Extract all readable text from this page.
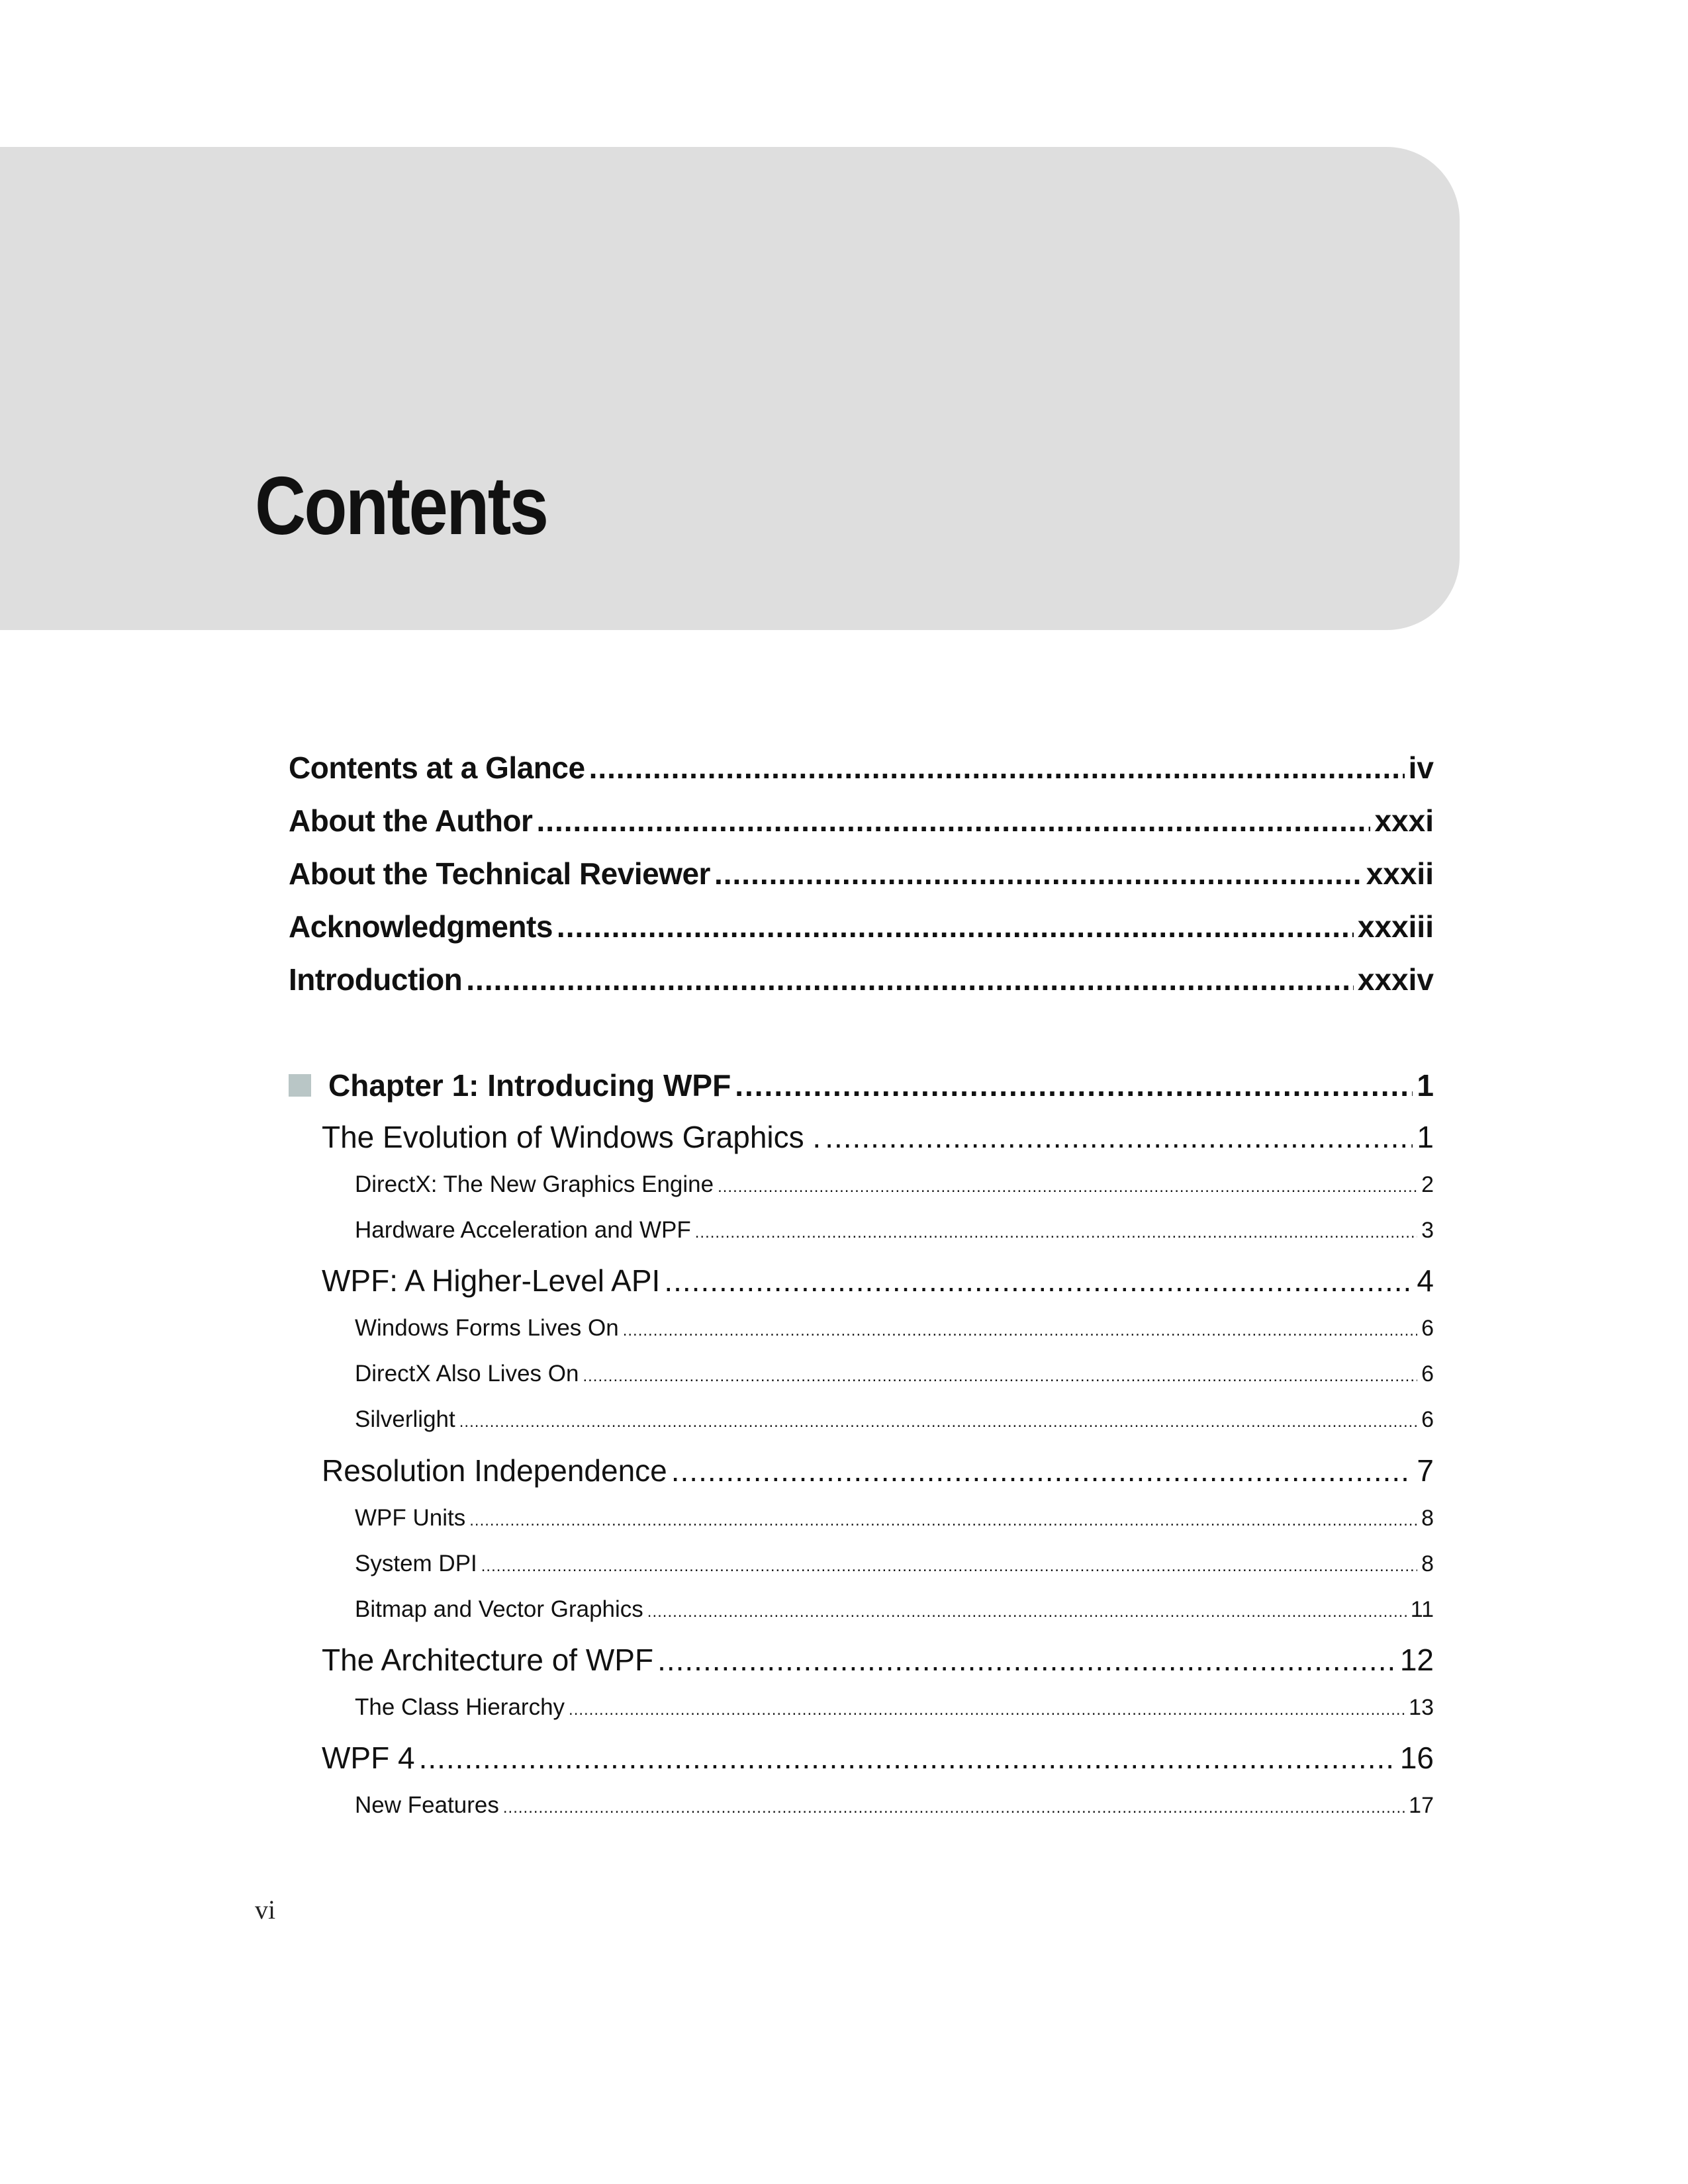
Contents
Contents at a Glance .....	iv
About the Author .....	xxxi
About the Technical Reviewer .....	xxxii
Acknowledgments .....	xxxiii
Introduction .....	xxxiv
Chapter 1: Introducing WPF .....	1
The Evolution of Windows Graphics . .....	1
DirectX: The New Graphics Engine .....	2
Hardware Acceleration and WPF .....	3
WPF: A Higher-Level API .....	4
Windows Forms Lives On .....	6
DirectX Also Lives On .....	6
Silverlight .....	6
Resolution Independence .....	7
WPF Units .....	8
System DPI .....	8
Bitmap and Vector Graphics .....	11
The Architecture of WPF .....	12
The Class Hierarchy .....	13
WPF 4 .....	16
New Features .....	17
vi
